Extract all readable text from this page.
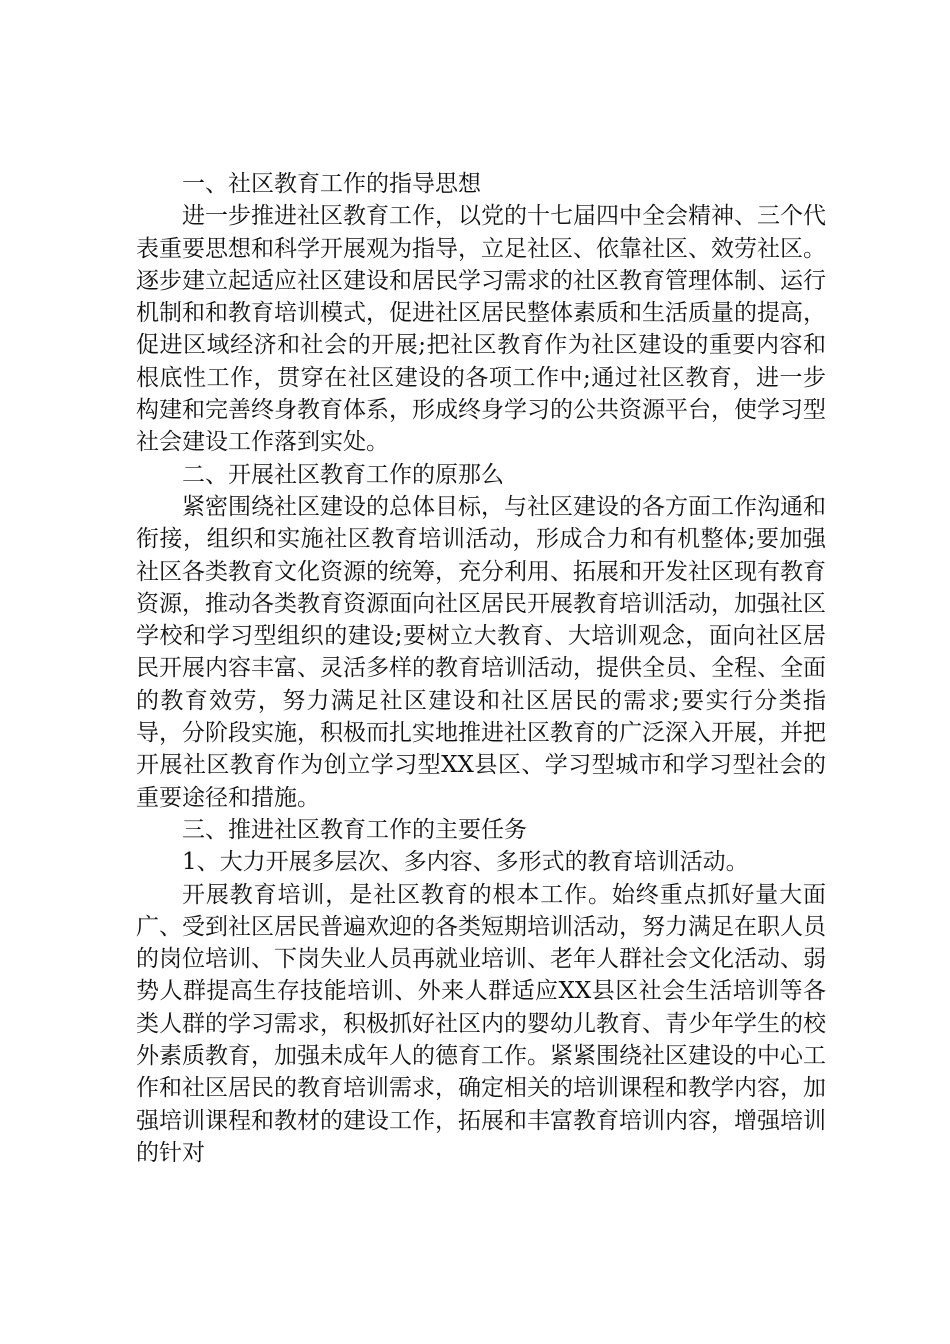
一、社区教育工作的指导思想

进一步推进社区教育工作，以党的十七届四中全会精神、三个代表重要思想和科学开展观为指导，立足社区、依靠社区、效劳社区。逐步建立起适应社区建设和居民学习需求的社区教育管理体制、运行机制和和教育培训模式，促进社区居民整体素质和生活质量的提高，促进区域经济和社会的开展;把社区教育作为社区建设的重要内容和根底性工作，贯穿在社区建设的各项工作中;通过社区教育，进一步构建和完善终身教育体系，形成终身学习的公共资源平台，使学习型社会建设工作落到实处。

二、开展社区教育工作的原那么

紧密围绕社区建设的总体目标，与社区建设的各方面工作沟通和衔接，组织和实施社区教育培训活动，形成合力和有机整体;要加强社区各类教育文化资源的统筹，充分利用、拓展和开发社区现有教育资源，推动各类教育资源面向社区居民开展教育培训活动，加强社区学校和学习型组织的建设;要树立大教育、大培训观念，面向社区居民开展内容丰富、灵活多样的教育培训活动，提供全员、全程、全面的教育效劳，努力满足社区建设和社区居民的需求;要实行分类指导，分阶段实施，积极而扎实地推进社区教育的广泛深入开展，并把开展社区教育作为创立学习型XX县区、学习型城市和学习型社会的重要途径和措施。

三、推进社区教育工作的主要任务

1、大力开展多层次、多内容、多形式的教育培训活动。

开展教育培训，是社区教育的根本工作。始终重点抓好量大面广、受到社区居民普遍欢迎的各类短期培训活动，努力满足在职人员的岗位培训、下岗失业人员再就业培训、老年人群社会文化活动、弱势人群提高生存技能培训、外来人群适应XX县区社会生活培训等各类人群的学习需求，积极抓好社区内的婴幼儿教育、青少年学生的校外素质教育，加强未成年人的德育工作。紧紧围绕社区建设的中心工作和社区居民的教育培训需求，确定相关的培训课程和教学内容，加强培训课程和教材的建设工作，拓展和丰富教育培训内容，增强培训的针对
